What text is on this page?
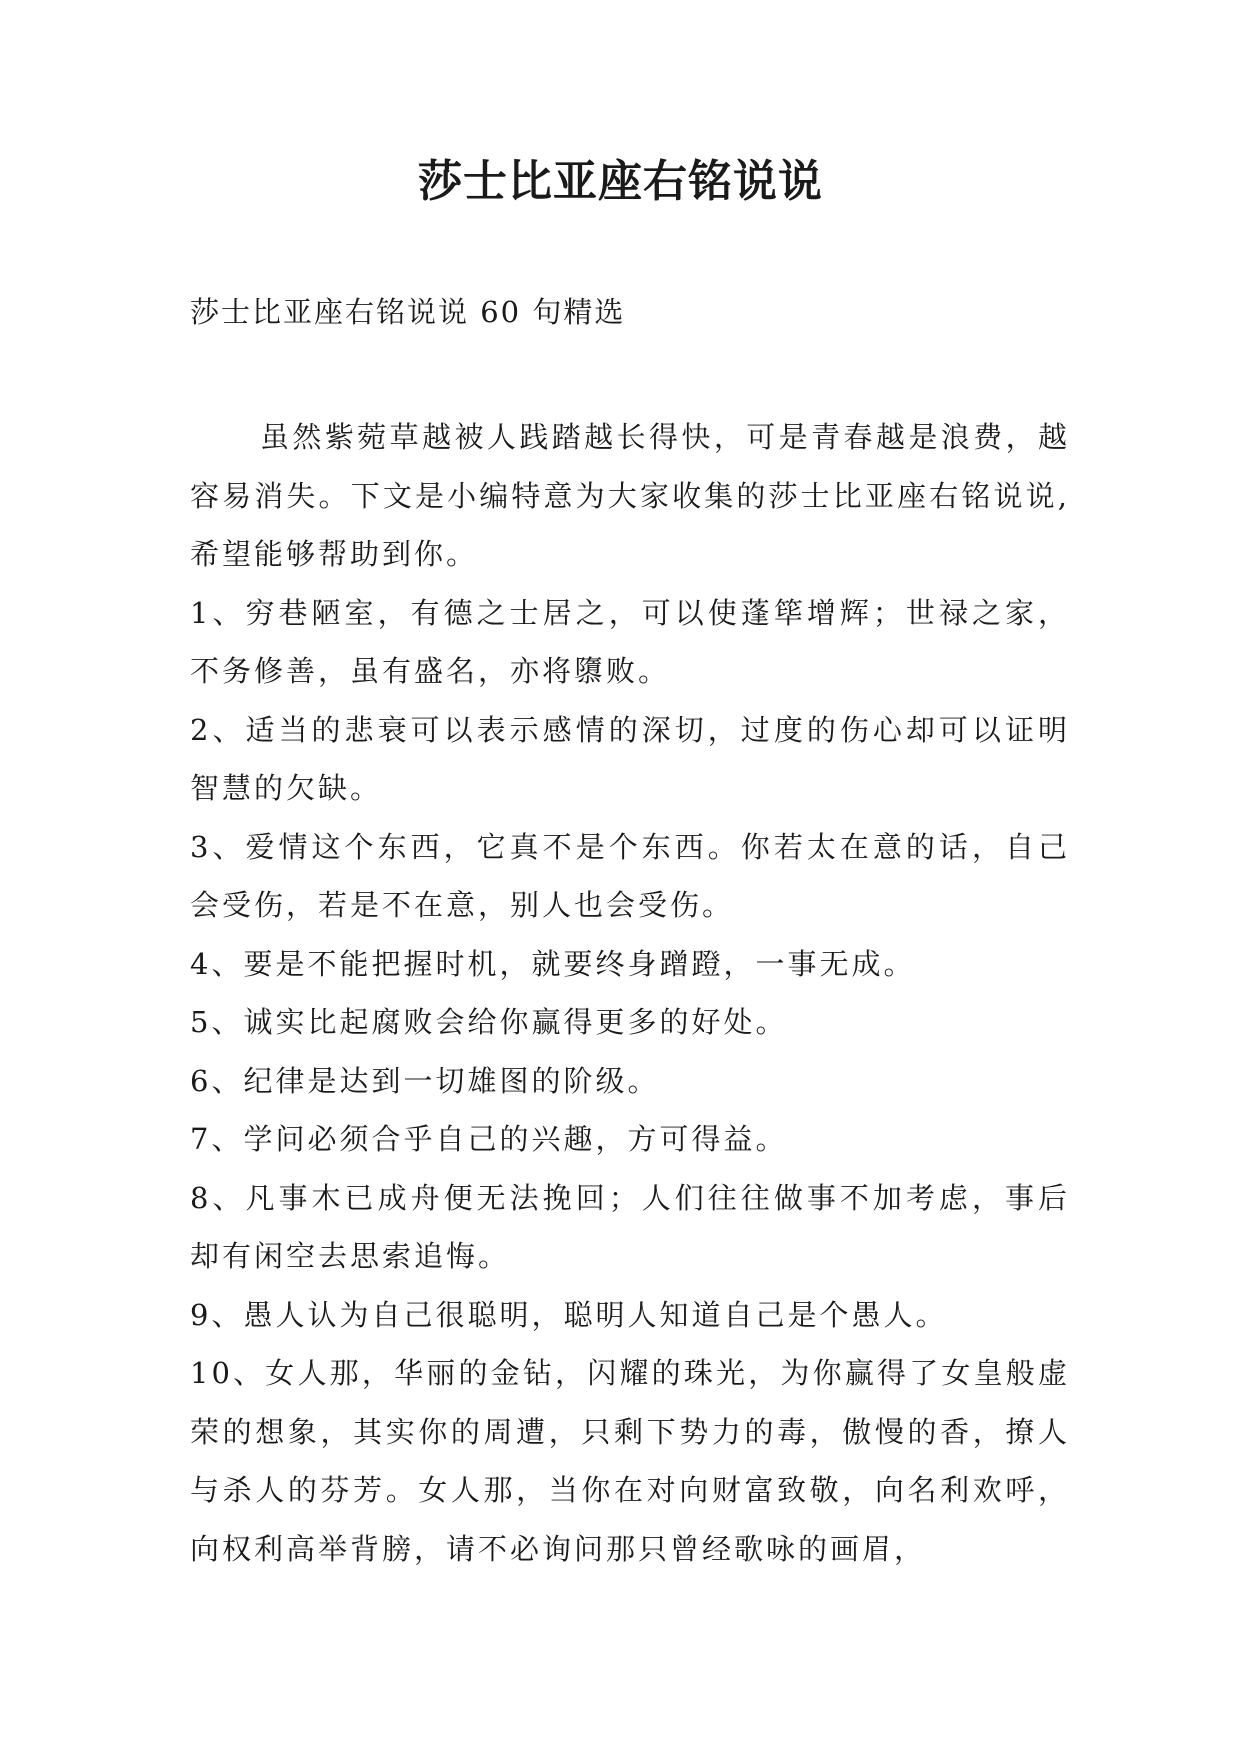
莎士比亚座右铭说说
莎士比亚座右铭说说 60 句精选

虽然紫菀草越被人践踏越长得快，可是青春越是浪费，越容易消失。下文是小编特意为大家收集的莎士比亚座右铭说说,希望能够帮助到你。

1、穷巷陋室，有德之士居之，可以使蓬筚增辉；世禄之家，不务修善，虽有盛名，亦将隳败。

2、适当的悲衰可以表示感情的深切，过度的伤心却可以证明智慧的欠缺。

3、爱情这个东西，它真不是个东西。你若太在意的话，自己会受伤，若是不在意，别人也会受伤。

4、要是不能把握时机，就要终身蹭蹬，一事无成。

5、诚实比起腐败会给你赢得更多的好处。

6、纪律是达到一切雄图的阶级。

7、学问必须合乎自己的兴趣，方可得益。

8、凡事木已成舟便无法挽回；人们往往做事不加考虑，事后却有闲空去思索追悔。

9、愚人认为自己很聪明，聪明人知道自己是个愚人。

10、女人那，华丽的金钻，闪耀的珠光，为你赢得了女皇般虚荣的想象，其实你的周遭，只剩下势力的毒，傲慢的香，撩人与杀人的芬芳。女人那，当你在对向财富致敬，向名利欢呼，向权利高举背膀，请不必询问那只曾经歌咏的画眉，
